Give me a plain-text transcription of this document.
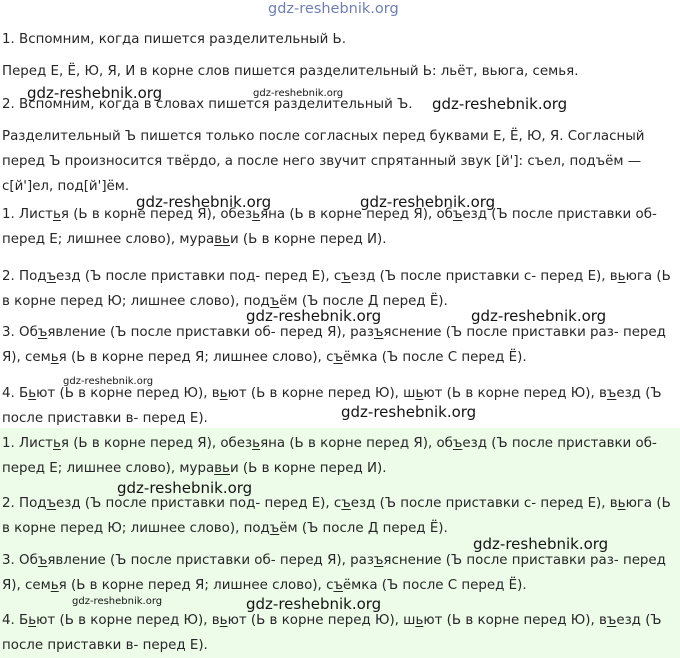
1. Вспомним, когда пишется разделительный Ь.

Перед Е, Ё, Ю, Я, И в корне слов пишется разделительный Ь: льёт, вьюга, семья.

2. Вспомним, когда в словах пишется разделительный Ъ.

Разделительный Ъ пишется только после согласных перед буквами Е, Ё, Ю, Я. Согласный перед Ъ произносится твёрдо, а после него звучит спрятанный звук [й']: съел, подъём — с[й']ел, под[й']ём.

1. Листья (Ь в корне перед Я), обезьяна (Ь в корне перед Я), объезд (Ъ после приставки об- перед Е; лишнее слово), муравьи (Ь в корне перед И).

2. Подъезд (Ъ после приставки под- перед Е), съезд (Ъ после приставки с- перед Е), вьюга (Ь в корне перед Ю; лишнее слово), подъём (Ъ после Д перед Ё).

3. Объявление (Ъ после приставки об- перед Я), разъяснение (Ъ после приставки раз- перед Я), семья (Ь в корне перед Я; лишнее слово), съёмка (Ъ после С перед Ё).

4. Бьют (Ь в корне перед Ю), вьют (Ь в корне перед Ю), шьют (Ь в корне перед Ю), въезд (Ъ после приставки в- перед Е).

1. Листья (Ь в корне перед Я), обезьяна (Ь в корне перед Я), объезд (Ъ после приставки об- перед Е; лишнее слово), муравьи (Ь в корне перед И).

2. Подъезд (Ъ после приставки под- перед Е), съезд (Ъ после приставки с- перед Е), вьюга (Ь в корне перед Ю; лишнее слово), подъём (Ъ после Д перед Ё).

3. Объявление (Ъ после приставки об- перед Я), разъяснение (Ъ после приставки раз- перед Я), семья (Ь в корне перед Я; лишнее слово), съёмка (Ъ после С перед Ё).

4. Бьют (Ь в корне перед Ю), вьют (Ь в корне перед Ю), шьют (Ь в корне перед Ю), въезд (Ъ после приставки в- перед Е).

gdz-reshebnik.org
gdz-reshebnik.org	gdz-reshebnik.org
gdz-reshebnik.org
gdz-reshebnik.org	gdz-reshebnik.org
gdz-reshebnik.org	gdz-reshebnik.org
gdz-reshebnik.org
gdz-reshebnik.org
gdz-reshebnik.org
gdz-reshebnik.org
gdz-reshebnik.org	gdz-reshebnik.org
